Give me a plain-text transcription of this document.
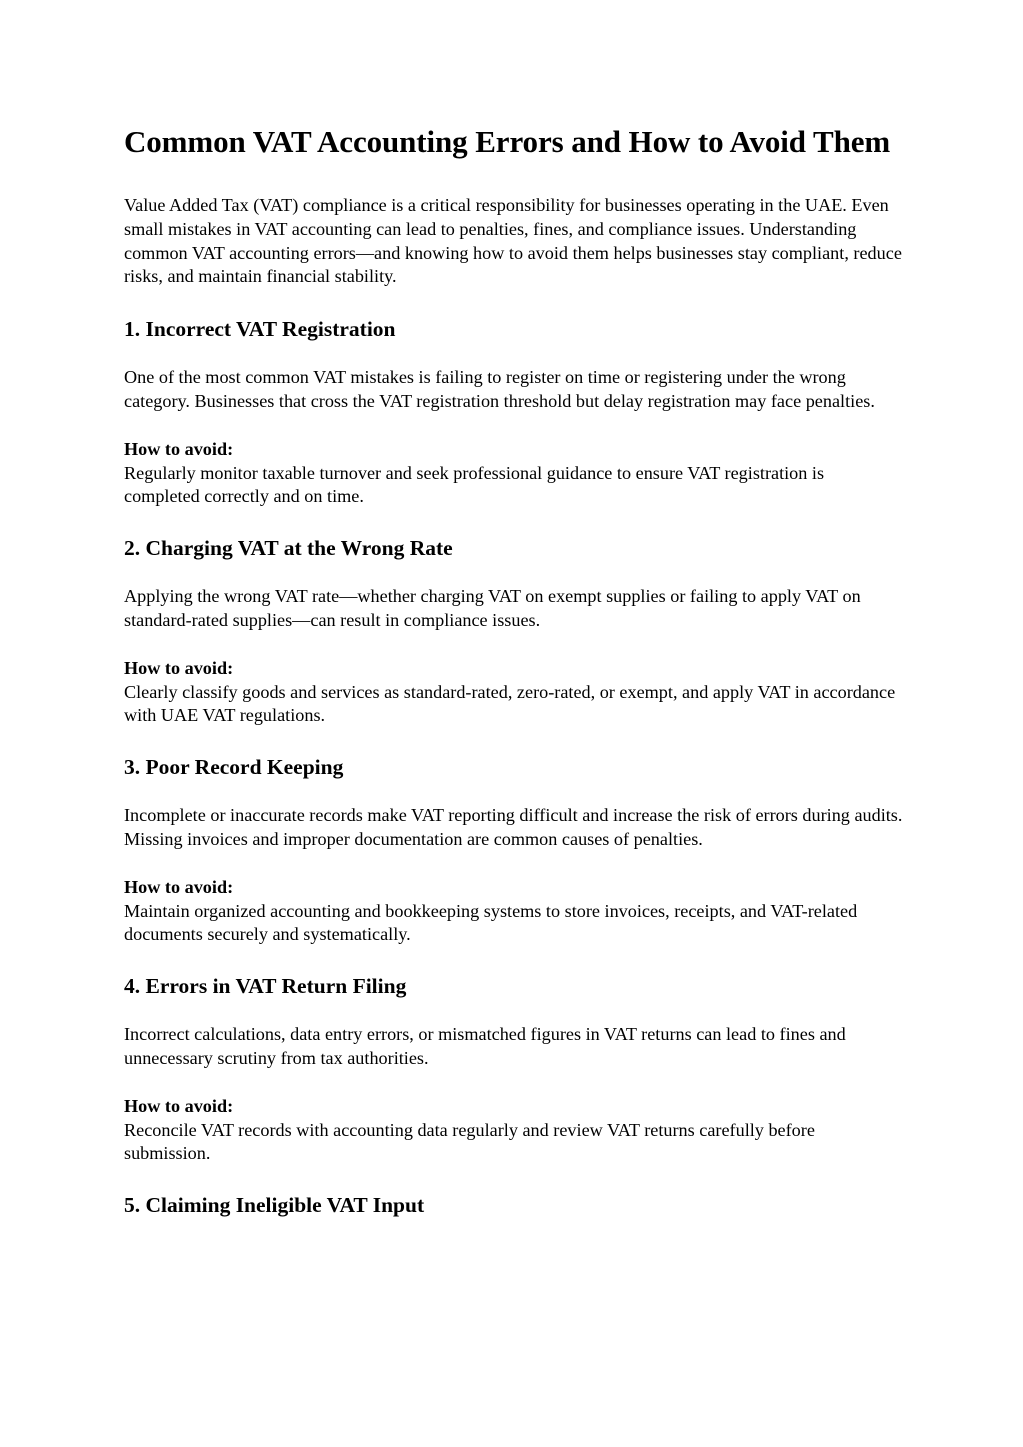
Common VAT Accounting Errors and How to Avoid Them

Value Added Tax (VAT) compliance is a critical responsibility for businesses operating in the UAE. Even small mistakes in VAT accounting can lead to penalties, fines, and compliance issues. Understanding common VAT accounting errors—and knowing how to avoid them helps businesses stay compliant, reduce risks, and maintain financial stability.

1. Incorrect VAT Registration

One of the most common VAT mistakes is failing to register on time or registering under the wrong category. Businesses that cross the VAT registration threshold but delay registration may face penalties.

How to avoid:
Regularly monitor taxable turnover and seek professional guidance to ensure VAT registration is completed correctly and on time.

2. Charging VAT at the Wrong Rate

Applying the wrong VAT rate—whether charging VAT on exempt supplies or failing to apply VAT on standard-rated supplies—can result in compliance issues.

How to avoid:
Clearly classify goods and services as standard-rated, zero-rated, or exempt, and apply VAT in accordance with UAE VAT regulations.

3. Poor Record Keeping

Incomplete or inaccurate records make VAT reporting difficult and increase the risk of errors during audits. Missing invoices and improper documentation are common causes of penalties.

How to avoid:
Maintain organized accounting and bookkeeping systems to store invoices, receipts, and VAT-related documents securely and systematically.

4. Errors in VAT Return Filing

Incorrect calculations, data entry errors, or mismatched figures in VAT returns can lead to fines and unnecessary scrutiny from tax authorities.

How to avoid:
Reconcile VAT records with accounting data regularly and review VAT returns carefully before submission.

5. Claiming Ineligible VAT Input
